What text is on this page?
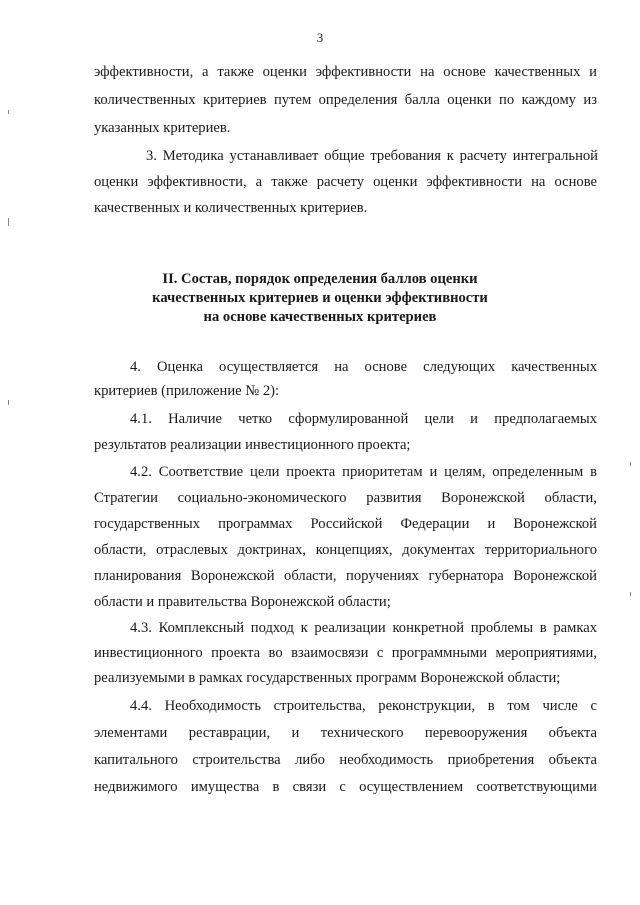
3
эффективности, а также оценки эффективности на основе качественных и
количественных критериев путем определения балла оценки по каждому из
указанных критериев.
3. Методика устанавливает общие требования к расчету интегральной
оценки эффективности, а также расчету оценки эффективности на основе
качественных и количественных критериев.
II. Состав, порядок определения баллов оценки
качественных критериев и оценки эффективности
на основе качественных критериев
4. Оценка осуществляется на основе следующих качественных
критериев (приложение № 2):
4.1. Наличие четко сформулированной цели и предполагаемых
результатов реализации инвестиционного проекта;
4.2. Соответствие цели проекта приоритетам и целям, определенным в
Стратегии социально-экономического развития Воронежской области,
государственных программах Российской Федерации и Воронежской
области, отраслевых доктринах, концепциях, документах территориального
планирования Воронежской области, поручениях губернатора Воронежской
области и правительства Воронежской области;
4.3. Комплексный подход к реализации конкретной проблемы в рамках
инвестиционного проекта во взаимосвязи с программными мероприятиями,
реализуемыми в рамках государственных программ Воронежской области;
4.4. Необходимость строительства, реконструкции, в том числе с
элементами реставрации, и технического перевооружения объекта
капитального строительства либо необходимость приобретения объекта
недвижимого имущества в связи с осуществлением соответствующими
